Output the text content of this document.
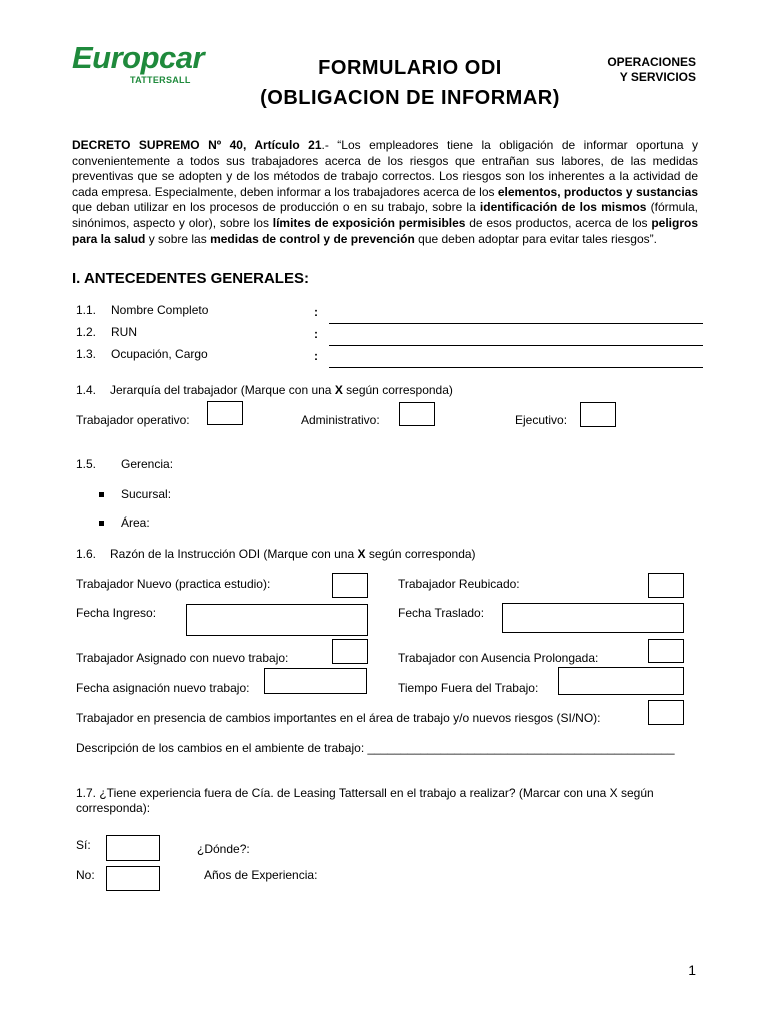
Europcar
TATTERSALL
FORMULARIO ODI
(OBLIGACION DE INFORMAR)
OPERACIONES
Y SERVICIOS
DECRETO SUPREMO Nº 40, Artículo 21.- “Los empleadores tiene la obligación de informar oportuna y convenientemente a todos sus trabajadores acerca de los riesgos que entrañan sus labores, de las medidas preventivas que se adopten y de los métodos de trabajo correctos. Los riesgos son los inherentes a la actividad de cada empresa. Especialmente, deben informar a los trabajadores acerca de los elementos, productos y sustancias que deban utilizar en los procesos de producción o en su trabajo, sobre la identificación de los mismos (fórmula, sinónimos, aspecto y olor), sobre los límites de exposición permisibles de esos productos, acerca de los peligros para la salud y sobre las medidas de control y de prevención que deben adoptar para evitar tales riesgos”.
I. ANTECEDENTES GENERALES:
1.1. Nombre Completo	:
1.2. RUN	:
1.3. Ocupación, Cargo	:
1.4. Jerarquía del trabajador (Marque con una X según corresponda)
Trabajador operativo:	Administrativo:	Ejecutivo:
1.5. Gerencia:
Sucursal:
Área:
1.6. Razón de la Instrucción ODI (Marque con una X según corresponda)
Trabajador Nuevo (practica estudio):	Trabajador Reubicado:
Fecha Ingreso:	Fecha Traslado:
Trabajador Asignado con nuevo trabajo:	Trabajador con Ausencia Prolongada:
Fecha asignación nuevo trabajo:	Tiempo Fuera del Trabajo:
Trabajador en presencia de cambios importantes en el área de trabajo y/o nuevos riesgos (SI/NO):
Descripción de los cambios en el ambiente de trabajo: ______________________________________________
1.7. ¿Tiene experiencia fuera de Cía. de Leasing Tattersall en el trabajo a realizar? (Marcar con una X según
corresponda):
Sí:	¿Dónde?:
No:	Años de Experiencia:
1
